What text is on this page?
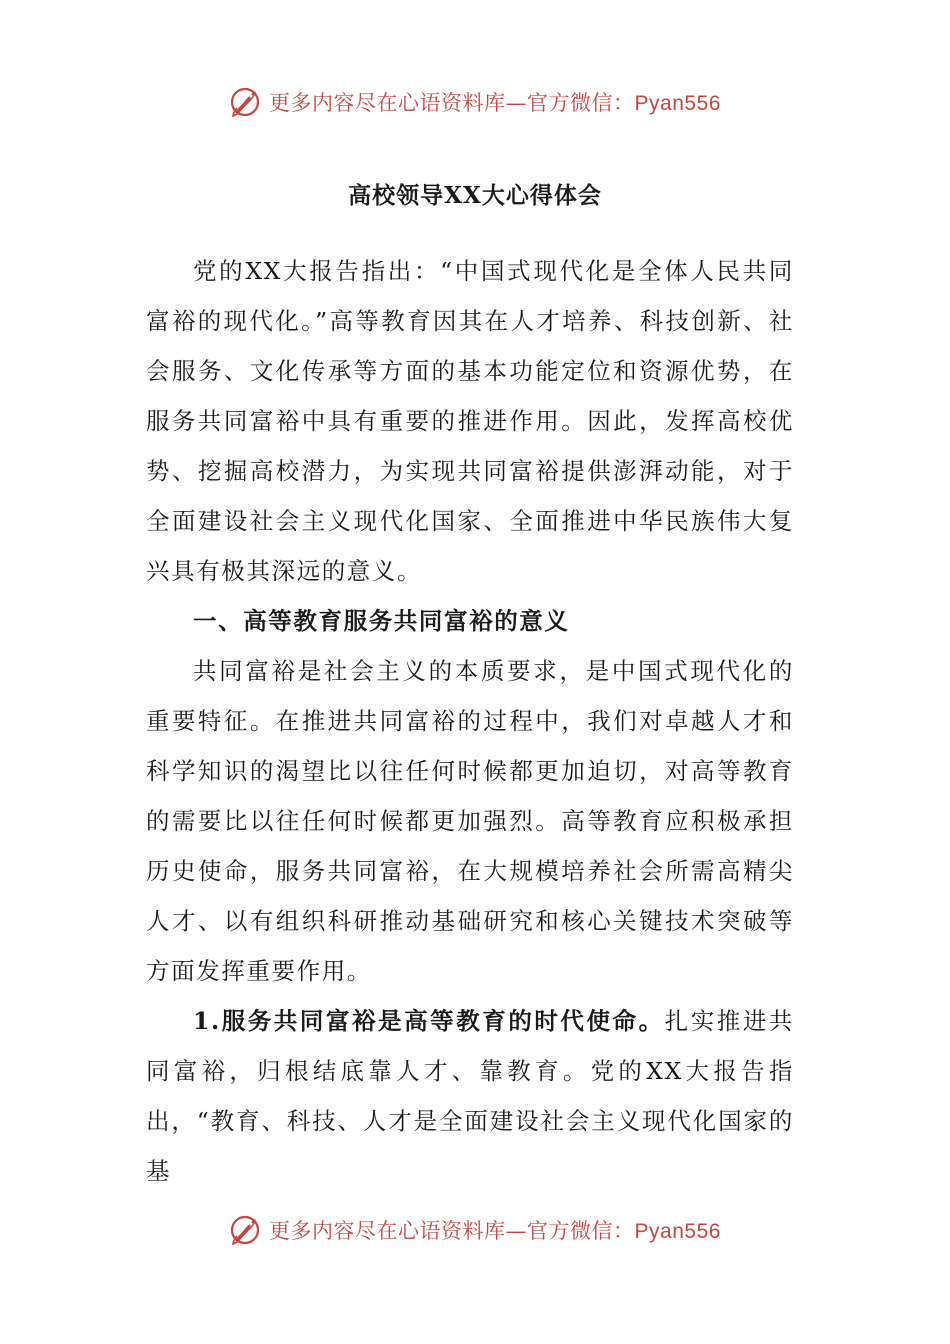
更多内容尽在心语资料库—官方微信：Pyan556
高校领导XX大心得体会

党的XX大报告指出：“中国式现代化是全体人民共同富裕的现代化。”高等教育因其在人才培养、科技创新、社会服务、文化传承等方面的基本功能定位和资源优势，在服务共同富裕中具有重要的推进作用。因此，发挥高校优势、挖掘高校潜力，为实现共同富裕提供澎湃动能，对于全面建设社会主义现代化国家、全面推进中华民族伟大复兴具有极其深远的意义。

一、高等教育服务共同富裕的意义

共同富裕是社会主义的本质要求，是中国式现代化的重要特征。在推进共同富裕的过程中，我们对卓越人才和科学知识的渴望比以往任何时候都更加迫切，对高等教育的需要比以往任何时候都更加强烈。高等教育应积极承担历史使命，服务共同富裕，在大规模培养社会所需高精尖人才、以有组织科研推动基础研究和核心关键技术突破等方面发挥重要作用。

1.服务共同富裕是高等教育的时代使命。扎实推进共同富裕，归根结底靠人才、靠教育。党的XX大报告指出，“教育、科技、人才是全面建设社会主义现代化国家的基

更多内容尽在心语资料库—官方微信：Pyan556
